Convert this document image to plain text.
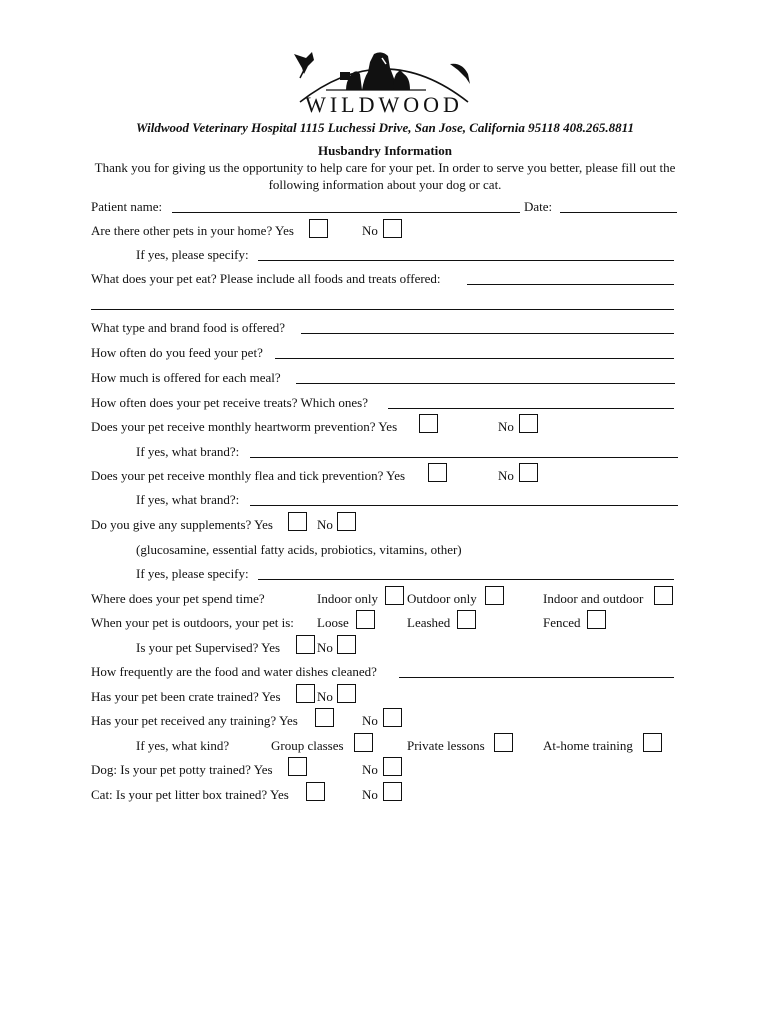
WILDWOOD
Wildwood Veterinary Hospital 1115 Luchessi Drive, San Jose, California 95118 408.265.8811
Husbandry Information
Thank you for giving us the opportunity to help care for your pet. In order to serve you better, please fill out the
following information about your dog or cat.
Patient name:	Date:
Are there other pets in your home? Yes	No
If yes, please specify:
What does your pet eat? Please include all foods and treats offered:
What type and brand food is offered?
How often do you feed your pet?
How much is offered for each meal?
How often does your pet receive treats? Which ones?
Does your pet receive monthly heartworm prevention? Yes	No
If yes, what brand?:
Does your pet receive monthly flea and tick prevention? Yes	No
If yes, what brand?:
Do you give any supplements? Yes	No
(glucosamine, essential fatty acids, probiotics, vitamins, other)
If yes, please specify:
Where does your pet spend time?	Indoor only Outdoor only	Indoor and outdoor
When your pet is outdoors, your pet is: Loose	Leashed	Fenced
Is your pet Supervised? Yes	No
How frequently are the food and water dishes cleaned?
Has your pet been crate trained? Yes	No
Has your pet received any training? Yes	No
If yes, what kind?	Group classes	Private lessons	At-home training
Dog: Is your pet potty trained? Yes	No
Cat: Is your pet litter box trained? Yes	No
